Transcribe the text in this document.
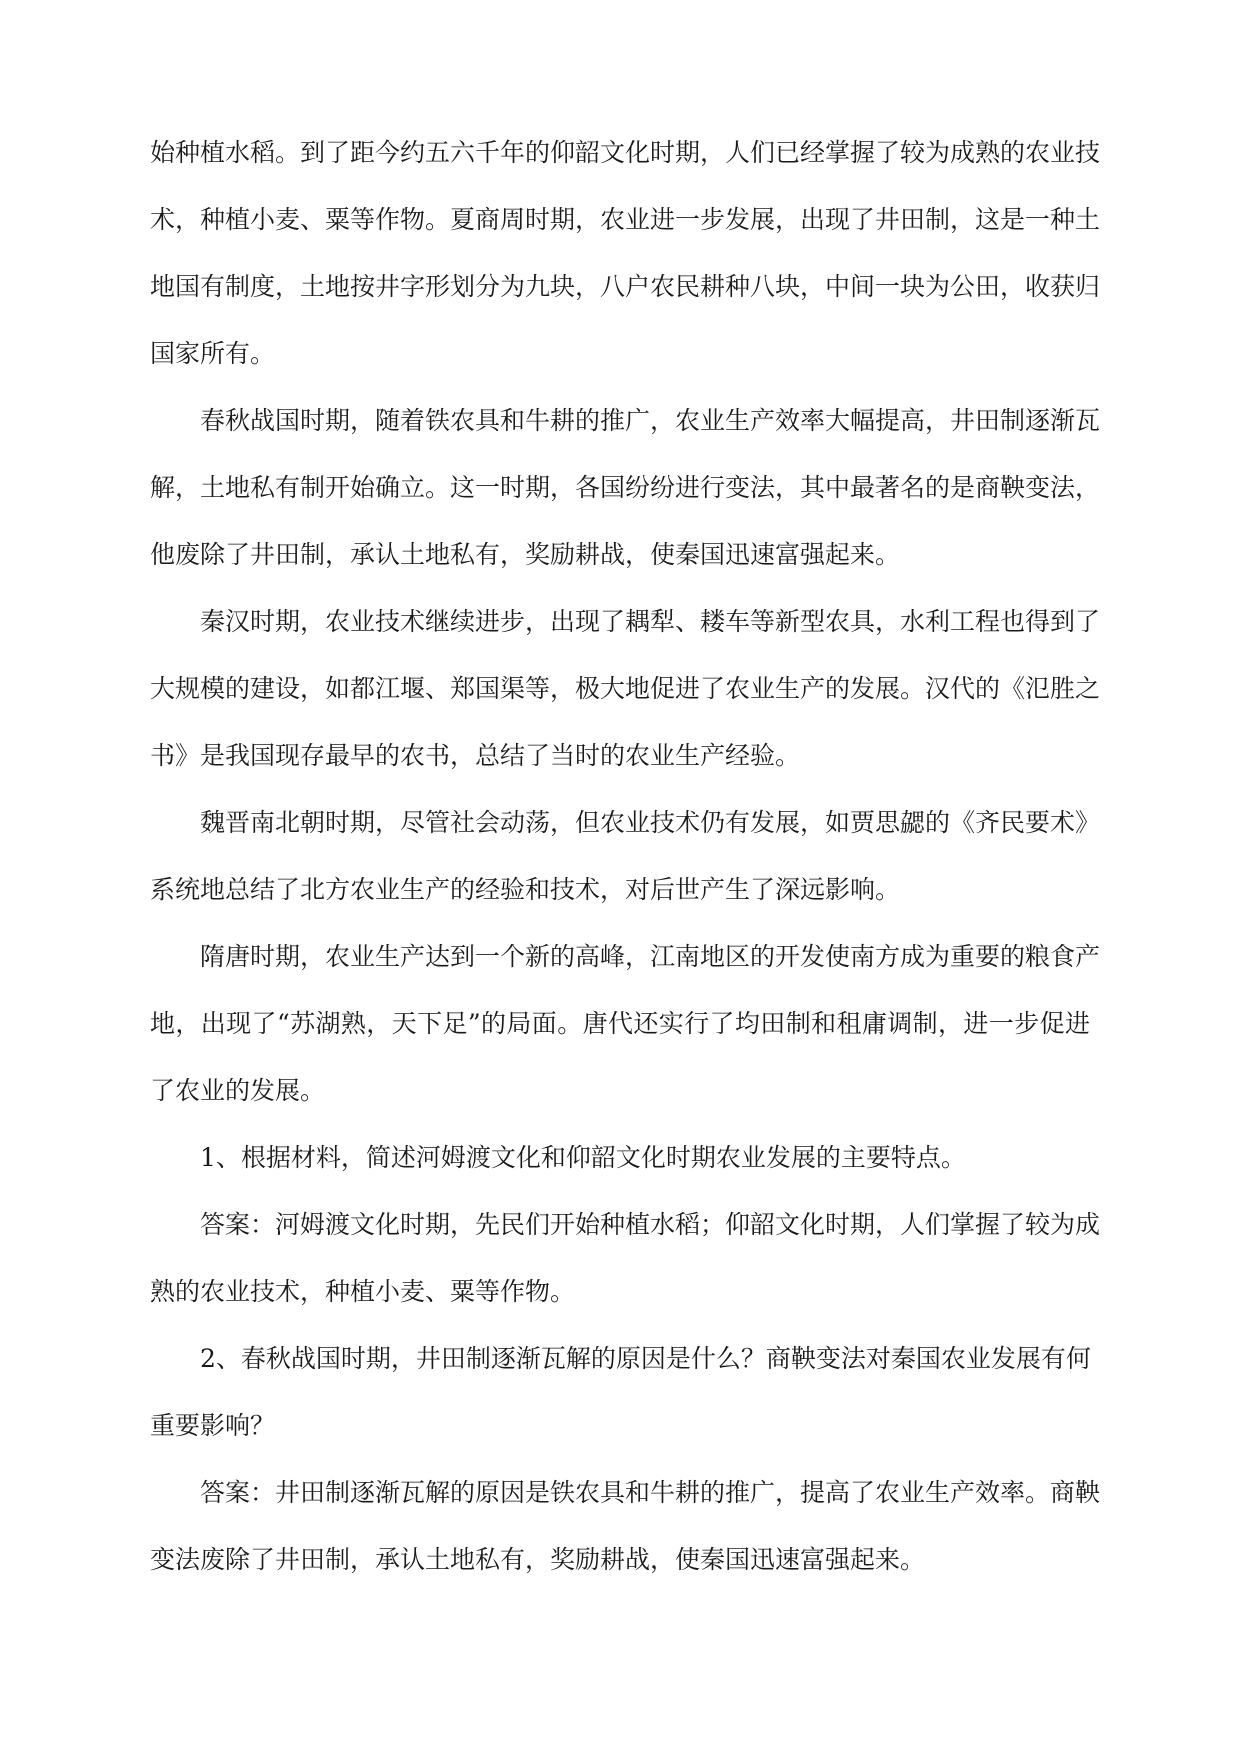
始种植水稻。到了距今约五六千年的仰韶文化时期，人们已经掌握了较为成熟的农业技
术，种植小麦、粟等作物。夏商周时期，农业进一步发展，出现了井田制，这是一种土
地国有制度，土地按井字形划分为九块，八户农民耕种八块，中间一块为公田，收获归
国家所有。
春秋战国时期，随着铁农具和牛耕的推广，农业生产效率大幅提高，井田制逐渐瓦
解，土地私有制开始确立。这一时期，各国纷纷进行变法，其中最著名的是商鞅变法，
他废除了井田制，承认土地私有，奖励耕战，使秦国迅速富强起来。
秦汉时期，农业技术继续进步，出现了耦犁、耧车等新型农具，水利工程也得到了
大规模的建设，如都江堰、郑国渠等，极大地促进了农业生产的发展。汉代的《氾胜之
书》是我国现存最早的农书，总结了当时的农业生产经验。
魏晋南北朝时期，尽管社会动荡，但农业技术仍有发展，如贾思勰的《齐民要术》
系统地总结了北方农业生产的经验和技术，对后世产生了深远影响。
隋唐时期，农业生产达到一个新的高峰，江南地区的开发使南方成为重要的粮食产
地，出现了“苏湖熟，天下足”的局面。唐代还实行了均田制和租庸调制，进一步促进
了农业的发展。
1、根据材料，简述河姆渡文化和仰韶文化时期农业发展的主要特点。
答案：河姆渡文化时期，先民们开始种植水稻；仰韶文化时期，人们掌握了较为成
熟的农业技术，种植小麦、粟等作物。
2、春秋战国时期，井田制逐渐瓦解的原因是什么？商鞅变法对秦国农业发展有何
重要影响？
答案：井田制逐渐瓦解的原因是铁农具和牛耕的推广，提高了农业生产效率。商鞅
变法废除了井田制，承认土地私有，奖励耕战，使秦国迅速富强起来。
